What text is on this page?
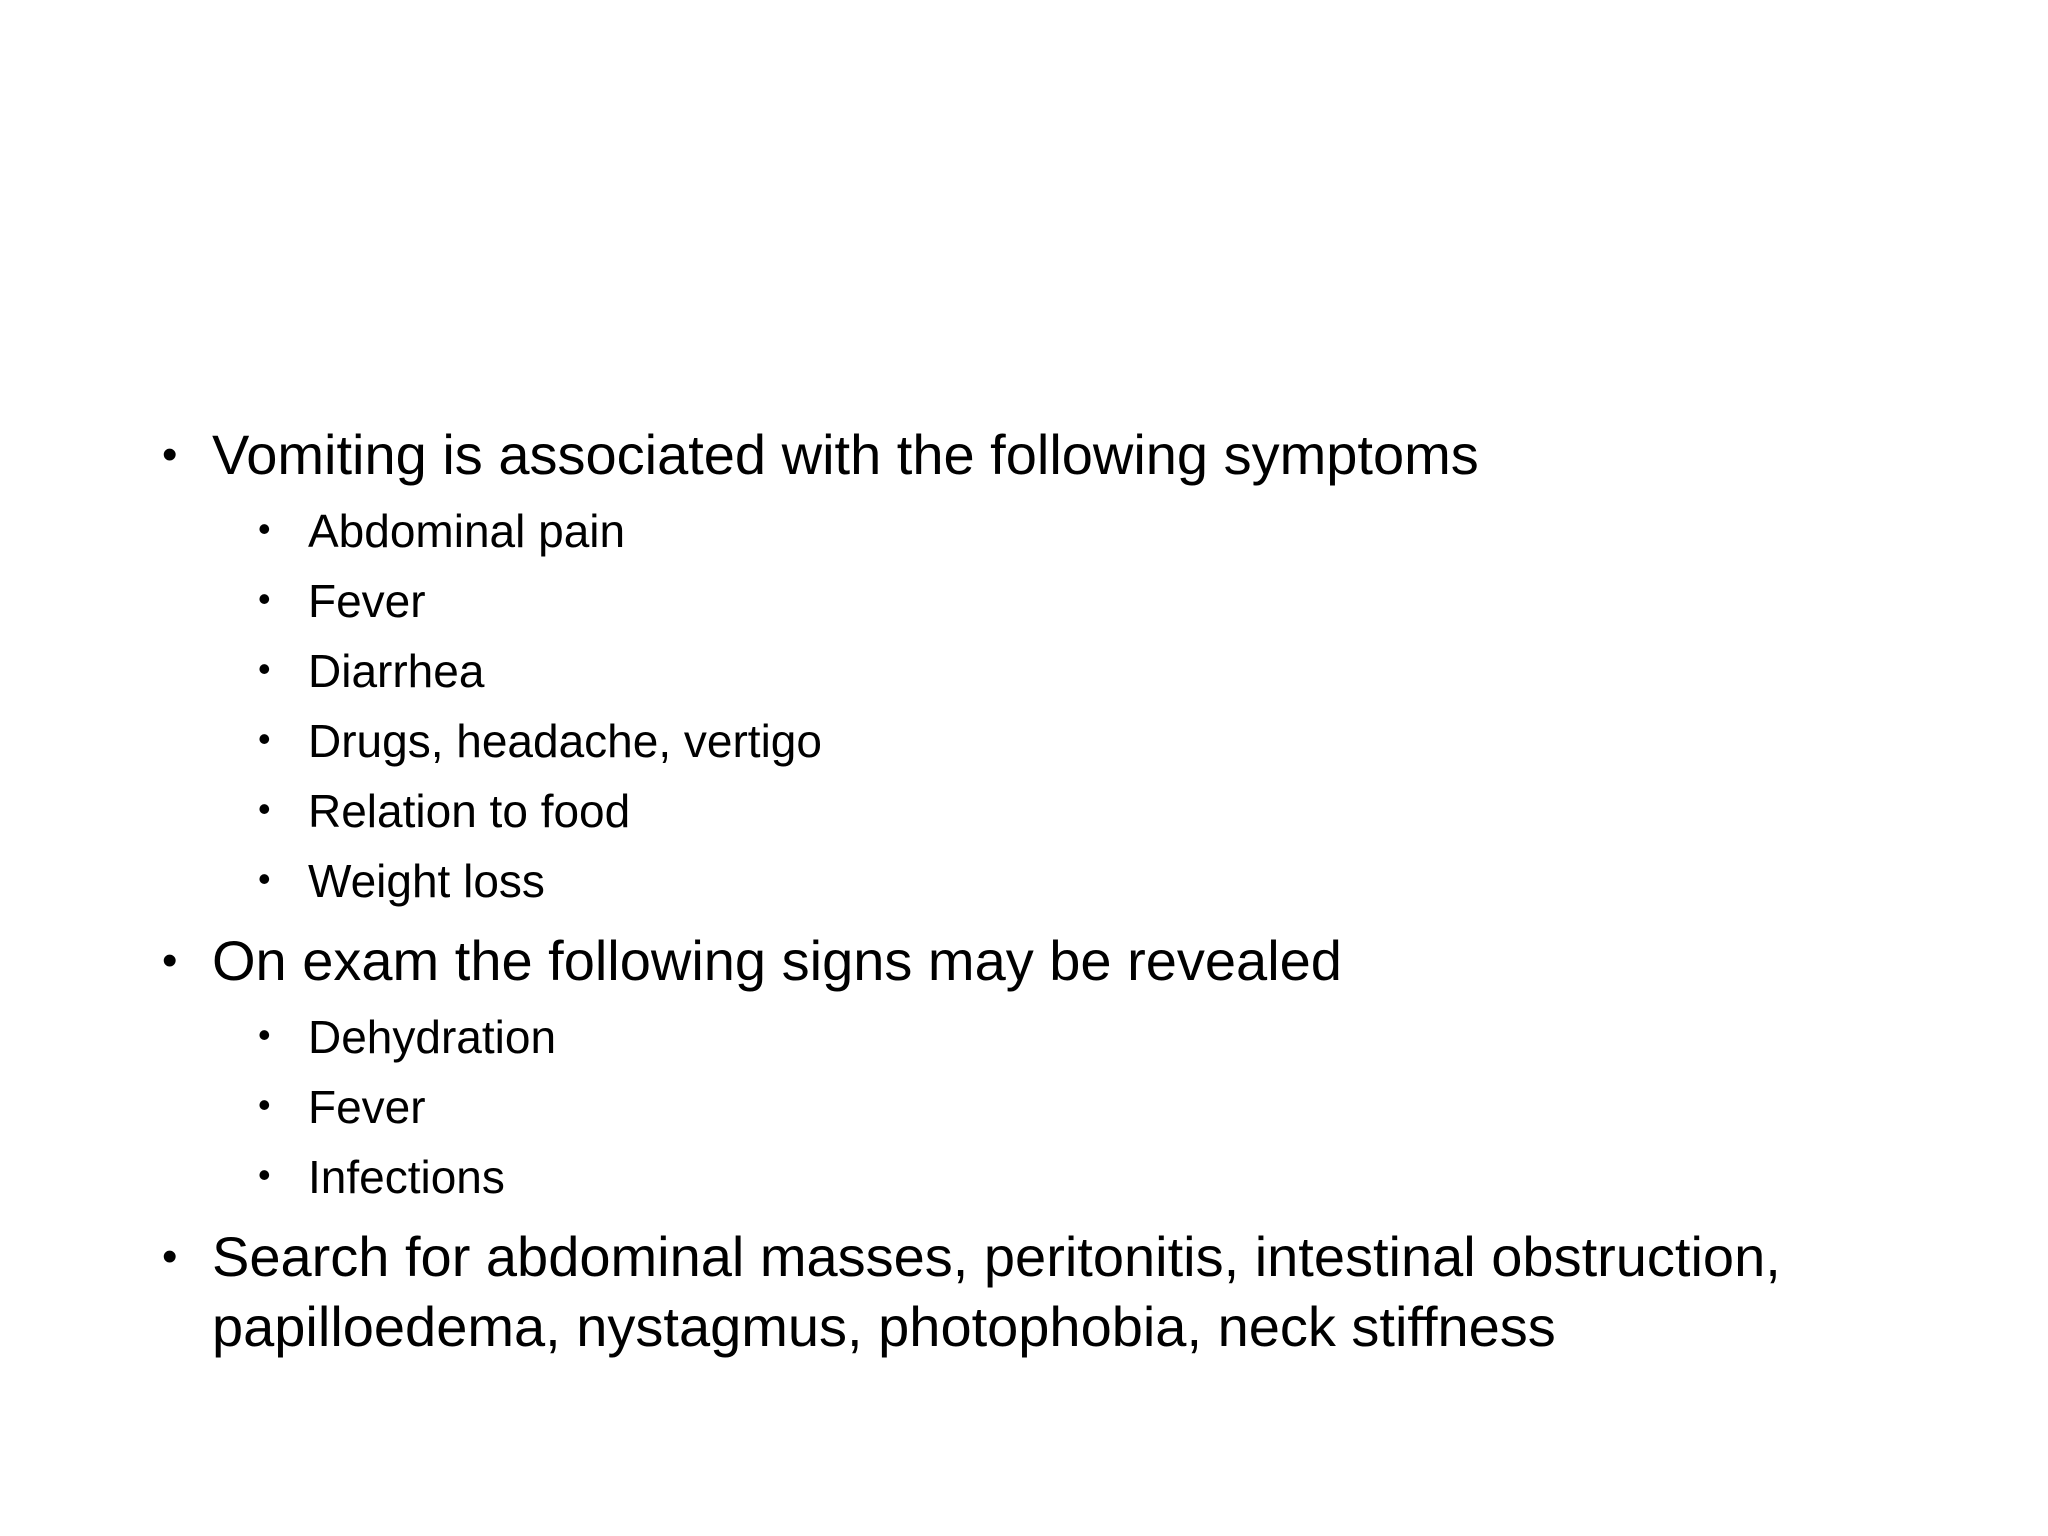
• Vomiting is associated with the following symptoms
• Abdominal pain
• Fever
• Diarrhea
• Drugs, headache, vertigo
• Relation to food
• Weight loss
• On exam the following signs may be revealed
• Dehydration
• Fever
• Infections
• Search for abdominal masses, peritonitis, intestinal obstruction, papilloedema, nystagmus, photophobia, neck stiffness
